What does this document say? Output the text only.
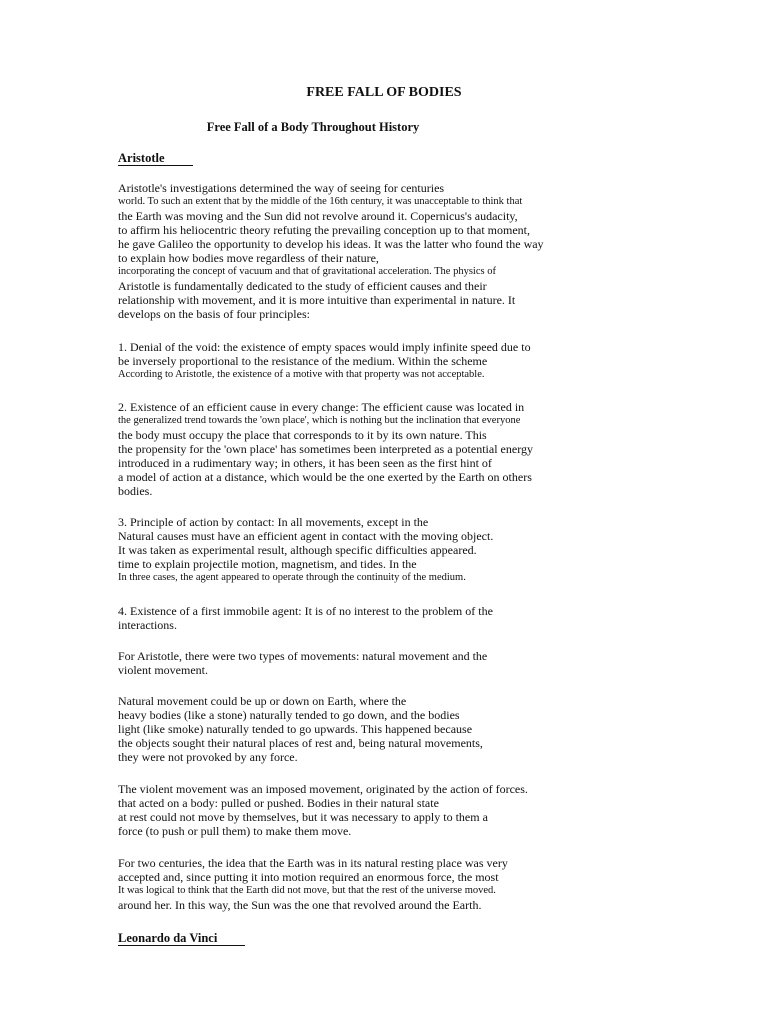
FREE FALL OF BODIES
Free Fall of a Body Throughout History
Aristotle
Aristotle's investigations determined the way of seeing for centuries
world. To such an extent that by the middle of the 16th century, it was unacceptable to think that
the Earth was moving and the Sun did not revolve around it. Copernicus's audacity,
to affirm his heliocentric theory refuting the prevailing conception up to that moment,
he gave Galileo the opportunity to develop his ideas. It was the latter who found the way
to explain how bodies move regardless of their nature,
incorporating the concept of vacuum and that of gravitational acceleration. The physics of
Aristotle is fundamentally dedicated to the study of efficient causes and their
relationship with movement, and it is more intuitive than experimental in nature. It
develops on the basis of four principles:
1. Denial of the void: the existence of empty spaces would imply infinite speed due to
be inversely proportional to the resistance of the medium. Within the scheme
According to Aristotle, the existence of a motive with that property was not acceptable.
2. Existence of an efficient cause in every change: The efficient cause was located in
the generalized trend towards the 'own place', which is nothing but the inclination that everyone
the body must occupy the place that corresponds to it by its own nature. This
the propensity for the 'own place' has sometimes been interpreted as a potential energy
introduced in a rudimentary way; in others, it has been seen as the first hint of
a model of action at a distance, which would be the one exerted by the Earth on others
bodies.
3. Principle of action by contact: In all movements, except in the
Natural causes must have an efficient agent in contact with the moving object.
It was taken as experimental result, although specific difficulties appeared.
time to explain projectile motion, magnetism, and tides. In the
In three cases, the agent appeared to operate through the continuity of the medium.
4. Existence of a first immobile agent: It is of no interest to the problem of the
interactions.
For Aristotle, there were two types of movements: natural movement and the
violent movement.
Natural movement could be up or down on Earth, where the
heavy bodies (like a stone) naturally tended to go down, and the bodies
light (like smoke) naturally tended to go upwards. This happened because
the objects sought their natural places of rest and, being natural movements,
they were not provoked by any force.
The violent movement was an imposed movement, originated by the action of forces.
that acted on a body: pulled or pushed. Bodies in their natural state
at rest could not move by themselves, but it was necessary to apply to them a
force (to push or pull them) to make them move.
For two centuries, the idea that the Earth was in its natural resting place was very
accepted and, since putting it into motion required an enormous force, the most
It was logical to think that the Earth did not move, but that the rest of the universe moved.
around her. In this way, the Sun was the one that revolved around the Earth.
Leonardo da Vinci
